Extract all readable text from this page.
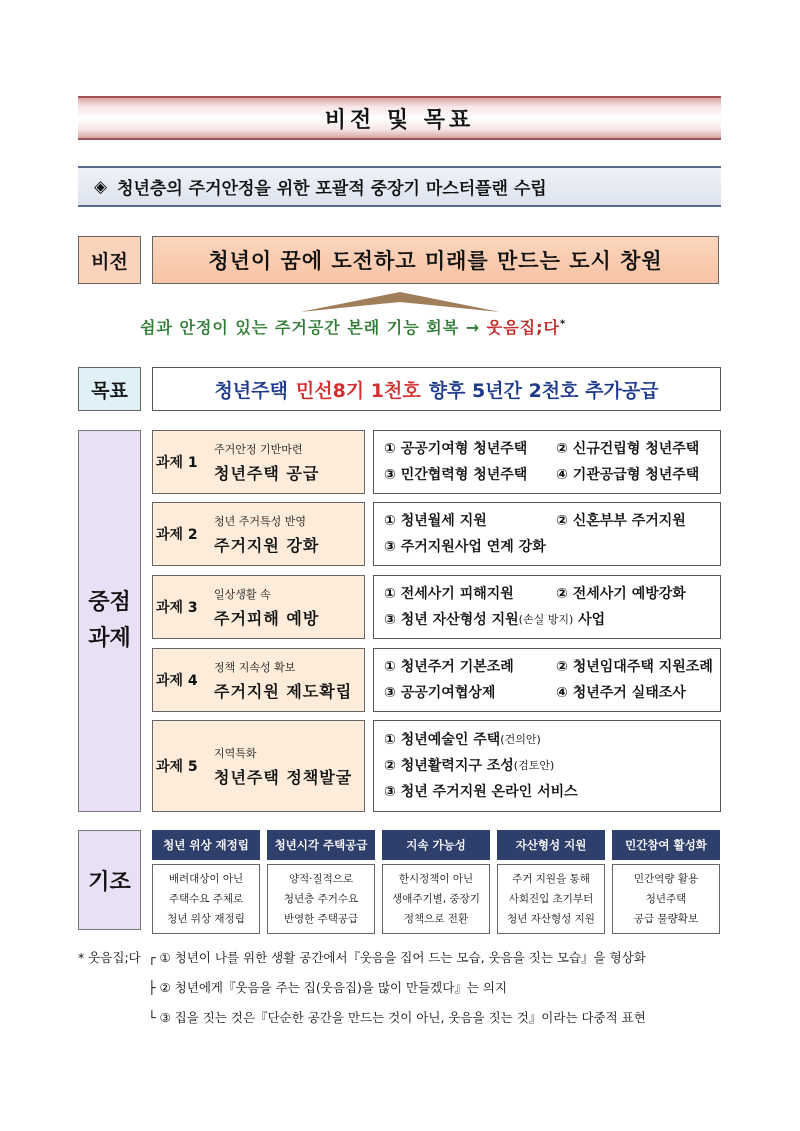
비전 및 목표
◈ 청년층의 주거안정을 위한 포괄적 중장기 마스터플랜 수립
비전	청년이 꿈에 도전하고 미래를 만드는 도시 창원
쉼과 안정이 있는 주거공간 본래 기능 회복 → 웃음집;다*
목표	청년주택 민선8기 1천호 향후 5년간 2천호 추가공급
중점
과제
과제 1
주거안정 기반마련
청년주택 공급
① 공공기여형 청년주택	② 신규건립형 청년주택
③ 민간협력형 청년주택	④ 기관공급형 청년주택
과제 2
청년 주거특성 반영
주거지원 강화
① 청년월세 지원	② 신혼부부 주거지원
③ 주거지원사업 연계 강화
과제 3
일상생활 속
주거피해 예방
① 전세사기 피해지원	② 전세사기 예방강화
③ 청년 자산형성 지원 (손실 방지) 사업
과제 4
정책 지속성 확보
주거지원 제도확립
① 청년주거 기본조례	② 청년임대주택 지원조례
③ 공공기여협상제	④ 청년주거 실태조사
과제 5
지역특화
청년주택 정책발굴
① 청년예술인 주택 (건의안)
② 청년활력지구 조성 (검토안)
③ 청년 주거지원 온라인 서비스
기조
청년 위상 재정립
배려대상이 아닌
주택수요 주체로
청년 위상 재정립
청년시각 주택공급
양적·질적으로
청년층 주거수요
반영한 주택공급
지속 가능성
한시정책이 아닌
생애주기별, 중장기
정책으로 전환
자산형성 지원
주거 지원을 통해
사회진입 초기부터
청년 자산형성 지원
민간참여 활성화
민간역량 활용
청년주택
공급 물량확보
* 웃음집;다 ┌ ① 청년이 나를 위한 생활 공간에서『웃음을 집어 드는 모습, 웃음을 짓는 모습』을 형상화
├ ② 청년에게『웃음을 주는 집(웃음집)을 많이 만들겠다』는 의지
└ ③ 집을 짓는 것은『단순한 공간을 만드는 것이 아닌, 웃음을 짓는 것』이라는 다중적 표현
